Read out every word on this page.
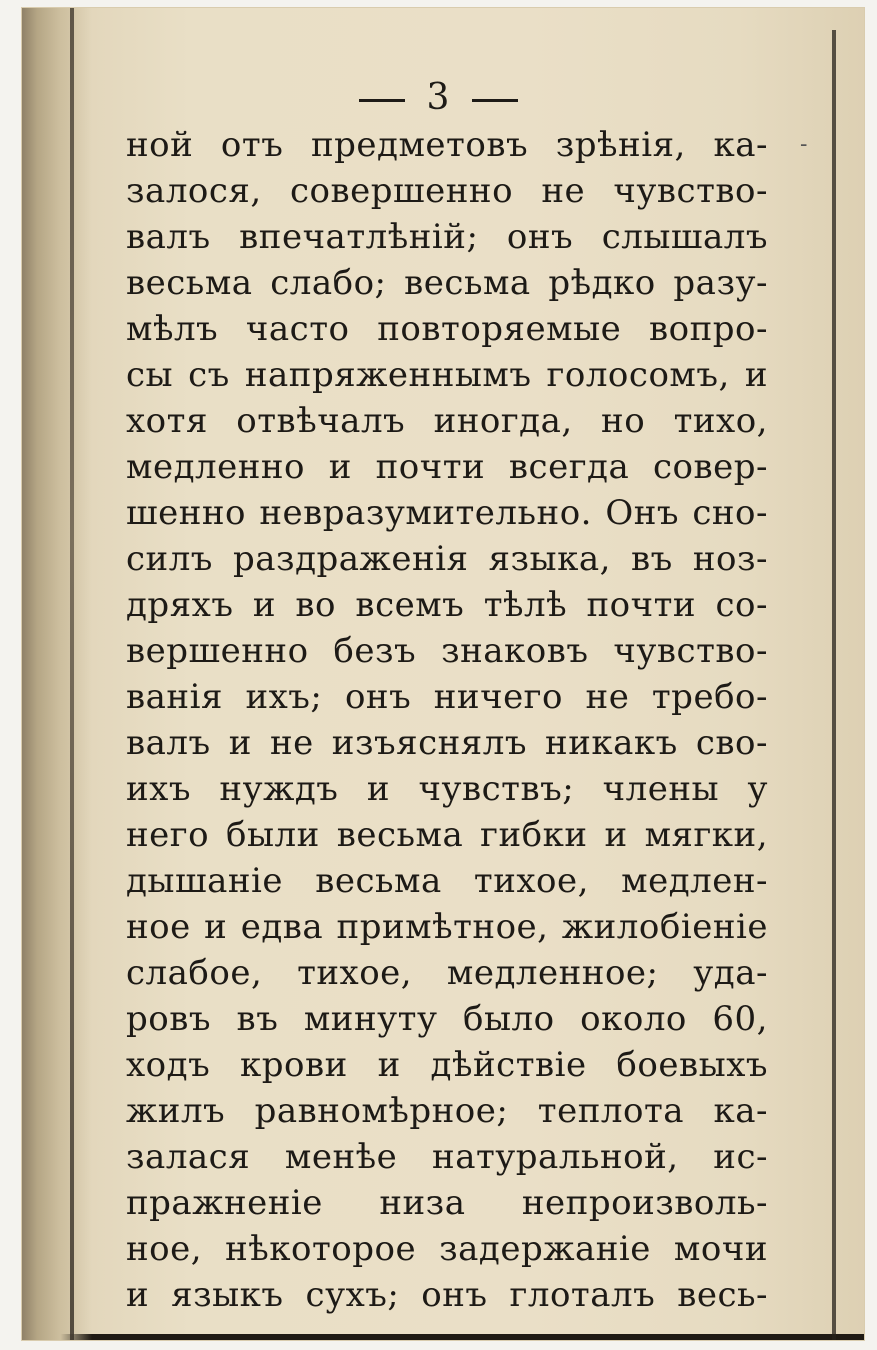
-
3
ной отъ предметовъ зрѣнія, ка-
залося, совершенно не чувство-
валъ впечатлѣній; онъ слышалъ
весьма слабо; весьма рѣдко разу-
мѣлъ часто повторяемые вопро-
сы съ напряженнымъ голосомъ, и
хотя отвѣчалъ иногда, но тихо,
медленно и почти всегда совер-
шенно невразумительно. Онъ сно-
силъ раздраженія языка, въ ноз-
дряхъ и во всемъ тѣлѣ почти со-
вершенно безъ знаковъ чувство-
ванія ихъ; онъ ничего не требо-
валъ и не изъяснялъ никакъ сво-
ихъ нуждъ и чувствъ; члены у
него были весьма гибки и мягки,
дышаніе весьма тихое, медлен-
ное и едва примѣтное, жилобіеніе
слабое, тихое, медленное; уда-
ровъ въ минуту было около 60,
ходъ крови и дѣйствіе боевыхъ
жилъ равномѣрное; теплота ка-
залася менѣе натуральной, ис-
пражненіе низа непроизволь-
ное, нѣкоторое задержаніе мочи
и языкъ сухъ; онъ глоталъ весь-
